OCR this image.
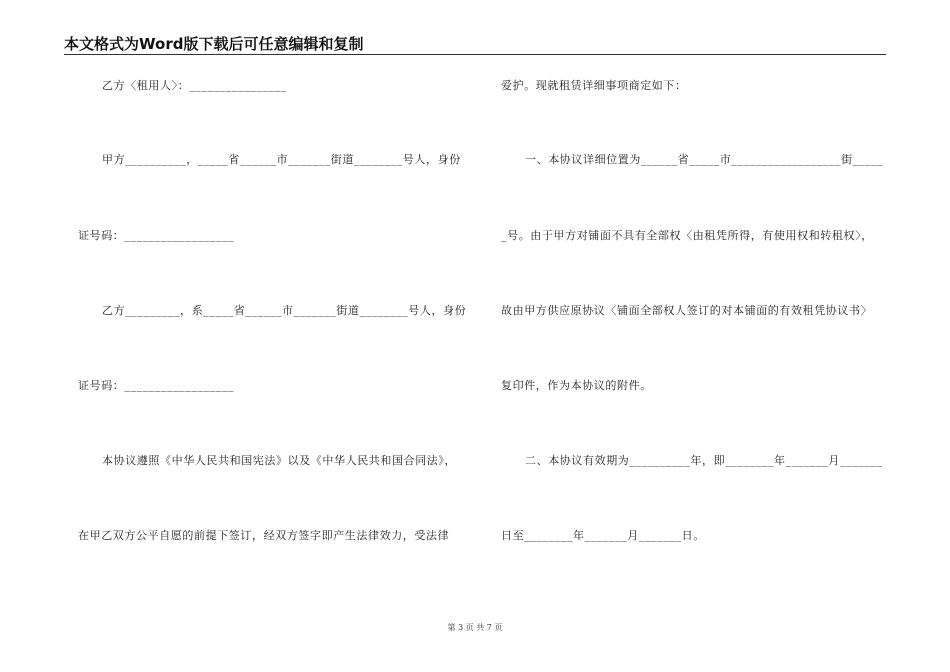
本文格式为Word版下载后可任意编辑和复制
乙方〈租用人〉：________________
甲方__________，_____省______市_______街道________号人，身份
证号码：__________________
乙方_________，系_____省______市_______街道________号人，身份
证号码：__________________
本协议遵照《中华人民共和国宪法》以及《中华人民共和国合同法》，
在甲乙双方公平自愿的前提下签订，经双方签字即产生法律效力，受法律
爱护。现就租赁详细事项商定如下：
一、本协议详细位置为______省_____市__________________街_____
_号。由于甲方对铺面不具有全部权〈由租凭所得，有使用权和转租权〉，
故由甲方供应原协议〈铺面全部权人签订的对本铺面的有效租凭协议书〉
复印件，作为本协议的附件。
二、本协议有效期为__________年，即________年_______月_______
日至________年_______月_______日。
第 3 页 共 7 页
